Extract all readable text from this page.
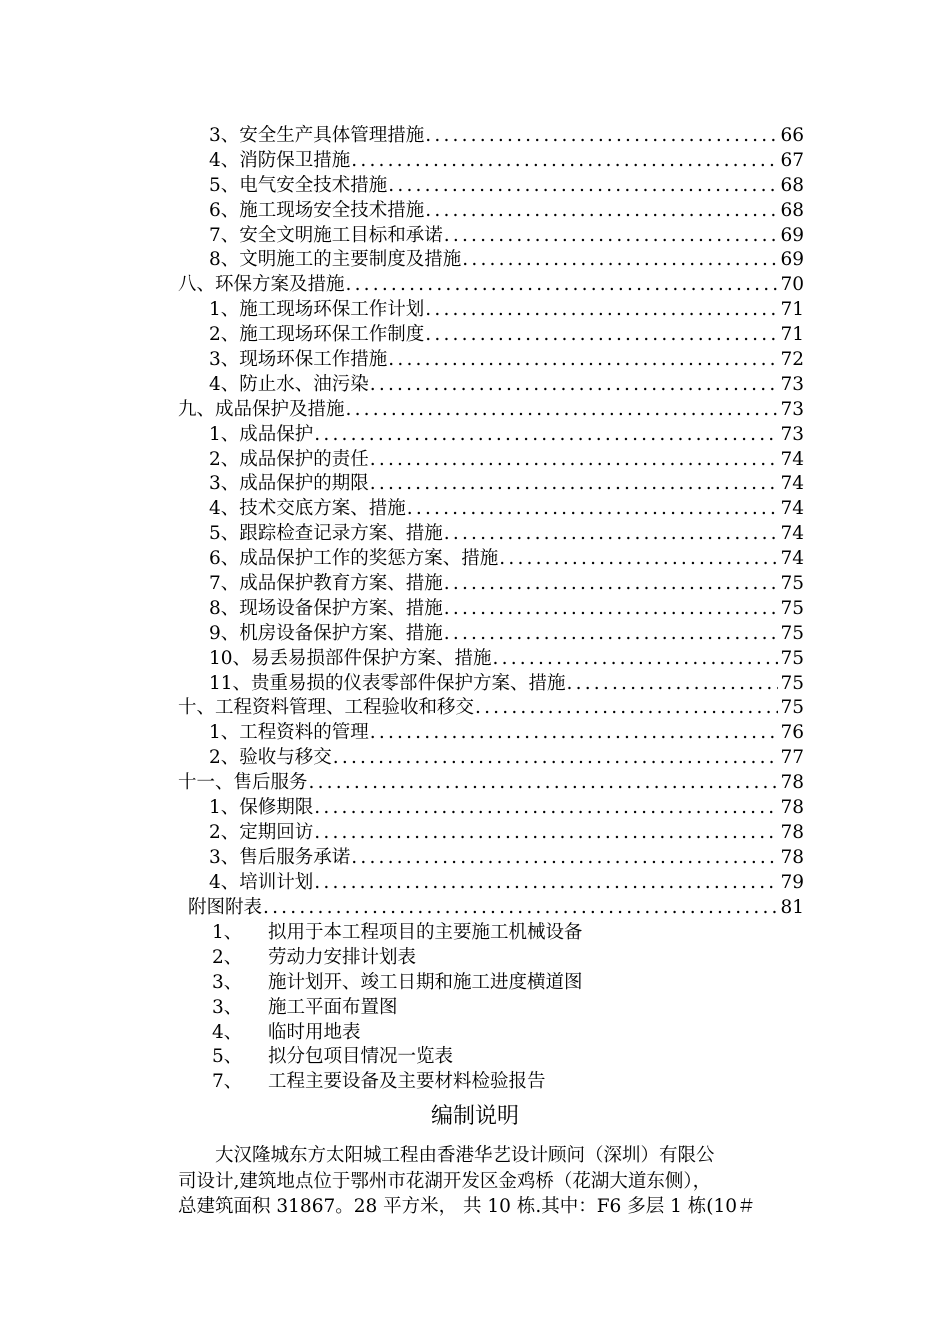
3、安全生产具体管理措施 .....	66
4、消防保卫措施 .....	67
5、电气安全技术措施 .....	68
6、施工现场安全技术措施 .....	68
7、安全文明施工目标和承诺 .....	69
8、文明施工的主要制度及措施 .....	69
八、环保方案及措施 .....	70
1、施工现场环保工作计划 .....	71
2、施工现场环保工作制度 .....	71
3、现场环保工作措施 .....	72
4、防止水、油污染 .....	73
九、成品保护及措施 .....	73
1、成品保护 .....	73
2、成品保护的责任 .....	74
3、成品保护的期限 .....	74
4、技术交底方案、措施 .....	74
5、跟踪检查记录方案、措施 .....	74
6、成品保护工作的奖惩方案、措施 .....	74
7、成品保护教育方案、措施 .....	75
8、现场设备保护方案、措施 .....	75
9、机房设备保护方案、措施 .....	75
10、易丢易损部件保护方案、措施 .....	75
11、贵重易损的仪表零部件保护方案、措施 .....	75
十、工程资料管理、工程验收和移交 .....	75
1、工程资料的管理 .....	76
2、验收与移交 .....	77
十一、售后服务 .....	78
1、保修期限 .....	78
2、定期回访 .....	78
3、售后服务承诺 .....	78
4、培训计划 .....	79
附图附表 .....	81
1、 拟用于本工程项目的主要施工机械设备
2、 劳动力安排计划表
3、 施计划开、竣工日期和施工进度横道图
3、 施工平面布置图
4、 临时用地表
5、 拟分包项目情况一览表
7、 工程主要设备及主要材料检验报告
编制说明
　　大汉隆城东方太阳城工程由香港华艺设计顾问（深圳）有限公
司设计,建筑地点位于鄂州市花湖开发区金鸡桥（花湖大道东侧），
总建筑面积 31867。28 平方米， 共 10 栋.其中：F6 多层 1 栋(10＃
